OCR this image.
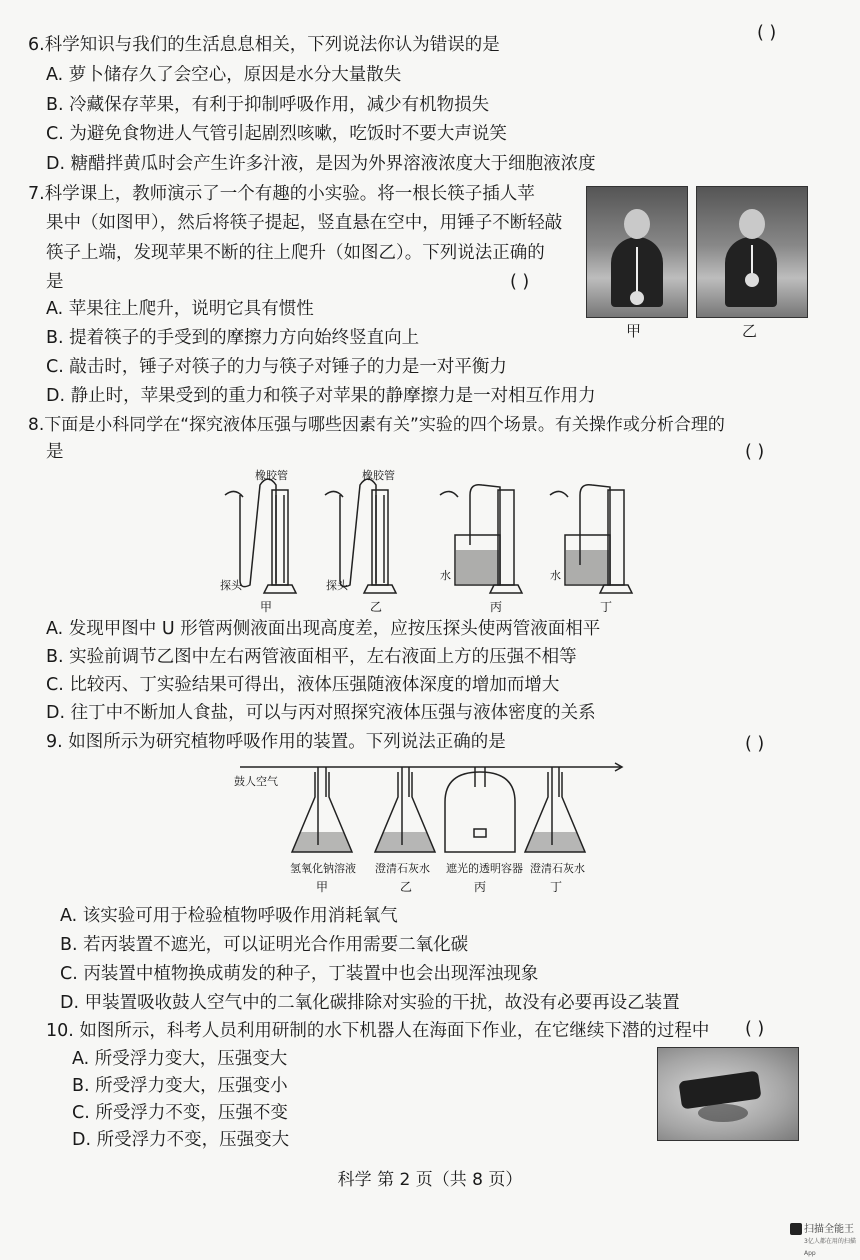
( )
6.科学知识与我们的生活息息相关，下列说法你认为错误的是
A. 萝卜储存久了会空心，原因是水分大量散失
B. 冷藏保存苹果，有利于抑制呼吸作用，减少有机物损失
C. 为避免食物进人气管引起剧烈咳嗽，吃饭时不要大声说笑
D. 糖醋拌黄瓜时会产生许多汁液，是因为外界溶液浓度大于细胞液浓度
7.科学课上，教师演示了一个有趣的小实验。将一根长筷子插人苹
果中（如图甲），然后将筷子提起，竖直悬在空中，用锤子不断轻敲
筷子上端，发现苹果不断的往上爬升（如图乙）。下列说法正确的
是	( )
甲	乙
A. 苹果往上爬升，说明它具有惯性
B. 提着筷子的手受到的摩擦力方向始终竖直向上
C. 敲击时，锤子对筷子的力与筷子对锤子的力是一对平衡力
D. 静止时，苹果受到的重力和筷子对苹果的静摩擦力是一对相互作用力
8.下面是小科同学在“探究液体压强与哪些因素有关”实验的四个场景。有关操作或分析合理的
是	( )
橡胶管	橡胶管
探头	探头
水	水
甲	乙	丙	丁
A. 发现甲图中 U 形管两侧液面出现高度差，应按压探头使两管液面相平
B. 实验前调节乙图中左右两管液面相平，左右液面上方的压强不相等
C. 比较丙、丁实验结果可得出，液体压强随液体深度的增加而增大
D. 往丁中不断加人食盐，可以与丙对照探究液体压强与液体密度的关系
9. 如图所示为研究植物呼吸作用的装置。下列说法正确的是	( )
鼓人空气
氢氧化钠溶液 澄清石灰水 遮光的透明容器 澄清石灰水
甲	乙	丙	丁
A. 该实验可用于检验植物呼吸作用消耗氧气
B. 若丙装置不遮光，可以证明光合作用需要二氧化碳
C. 丙装置中植物换成萌发的种子，丁装置中也会出现浑浊现象
D. 甲装置吸收鼓人空气中的二氧化碳排除对实验的干扰，故没有必要再设乙装置
10. 如图所示，科考人员利用研制的水下机器人在海面下作业，在它继续下潜的过程中 ( )
A. 所受浮力变大，压强变大
B. 所受浮力变大，压强变小
C. 所受浮力不变，压强不变
D. 所受浮力不变，压强变大
科学 第 2 页（共 8 页）
扫描全能王
3亿人都在用的扫描App
